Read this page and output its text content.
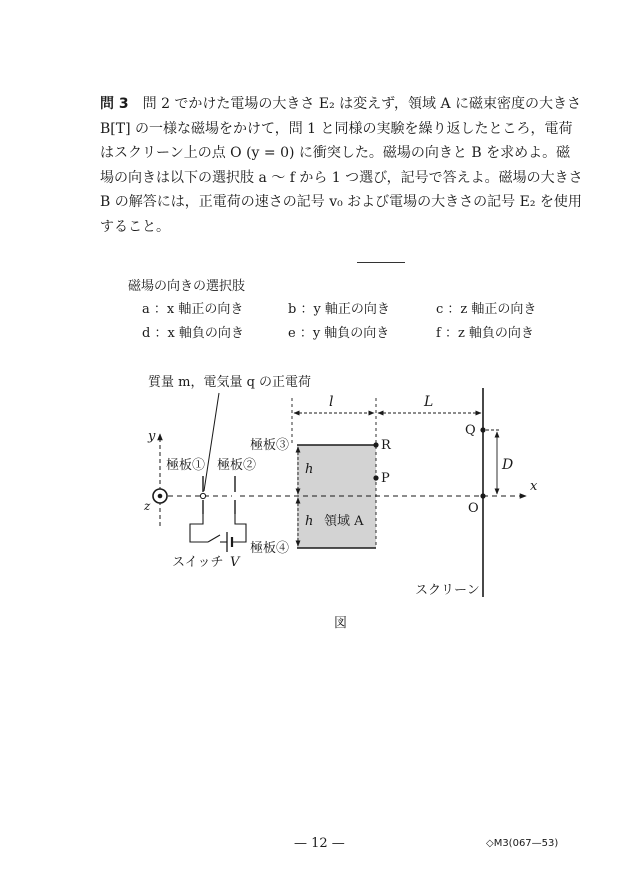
問 3　問 2 でかけた電場の大きさ E₂ は変えず，領域 A に磁束密度の大きさ
B[T] の一様な磁場をかけて，問 1 と同様の実験を繰り返したところ，電荷
はスクリーン上の点 O (y = 0) に衝突した。磁場の向きと B を求めよ。磁
場の向きは以下の選択肢 a ～ f から 1 つ選び，記号で答えよ。磁場の大きさ
B の解答には，正電荷の速さの記号 v₀ および電場の大きさの記号 E₂ を使用
すること。
磁場の向きの選択肢
a ：x 軸正の向き	b ：y 軸正の向き	c ：z 軸正の向き
d ：x 軸負の向き	e ：y 軸負の向き	f ：z 軸負の向き
x
y
z
質量 m，電気量 q の正電荷
極板① 極板②
スイッチ V
極板③
極板④
l	L
h
h 領域 A
R
P
Q
O
D
スクリーン
図
— 12 —	◇M3(067—53)
